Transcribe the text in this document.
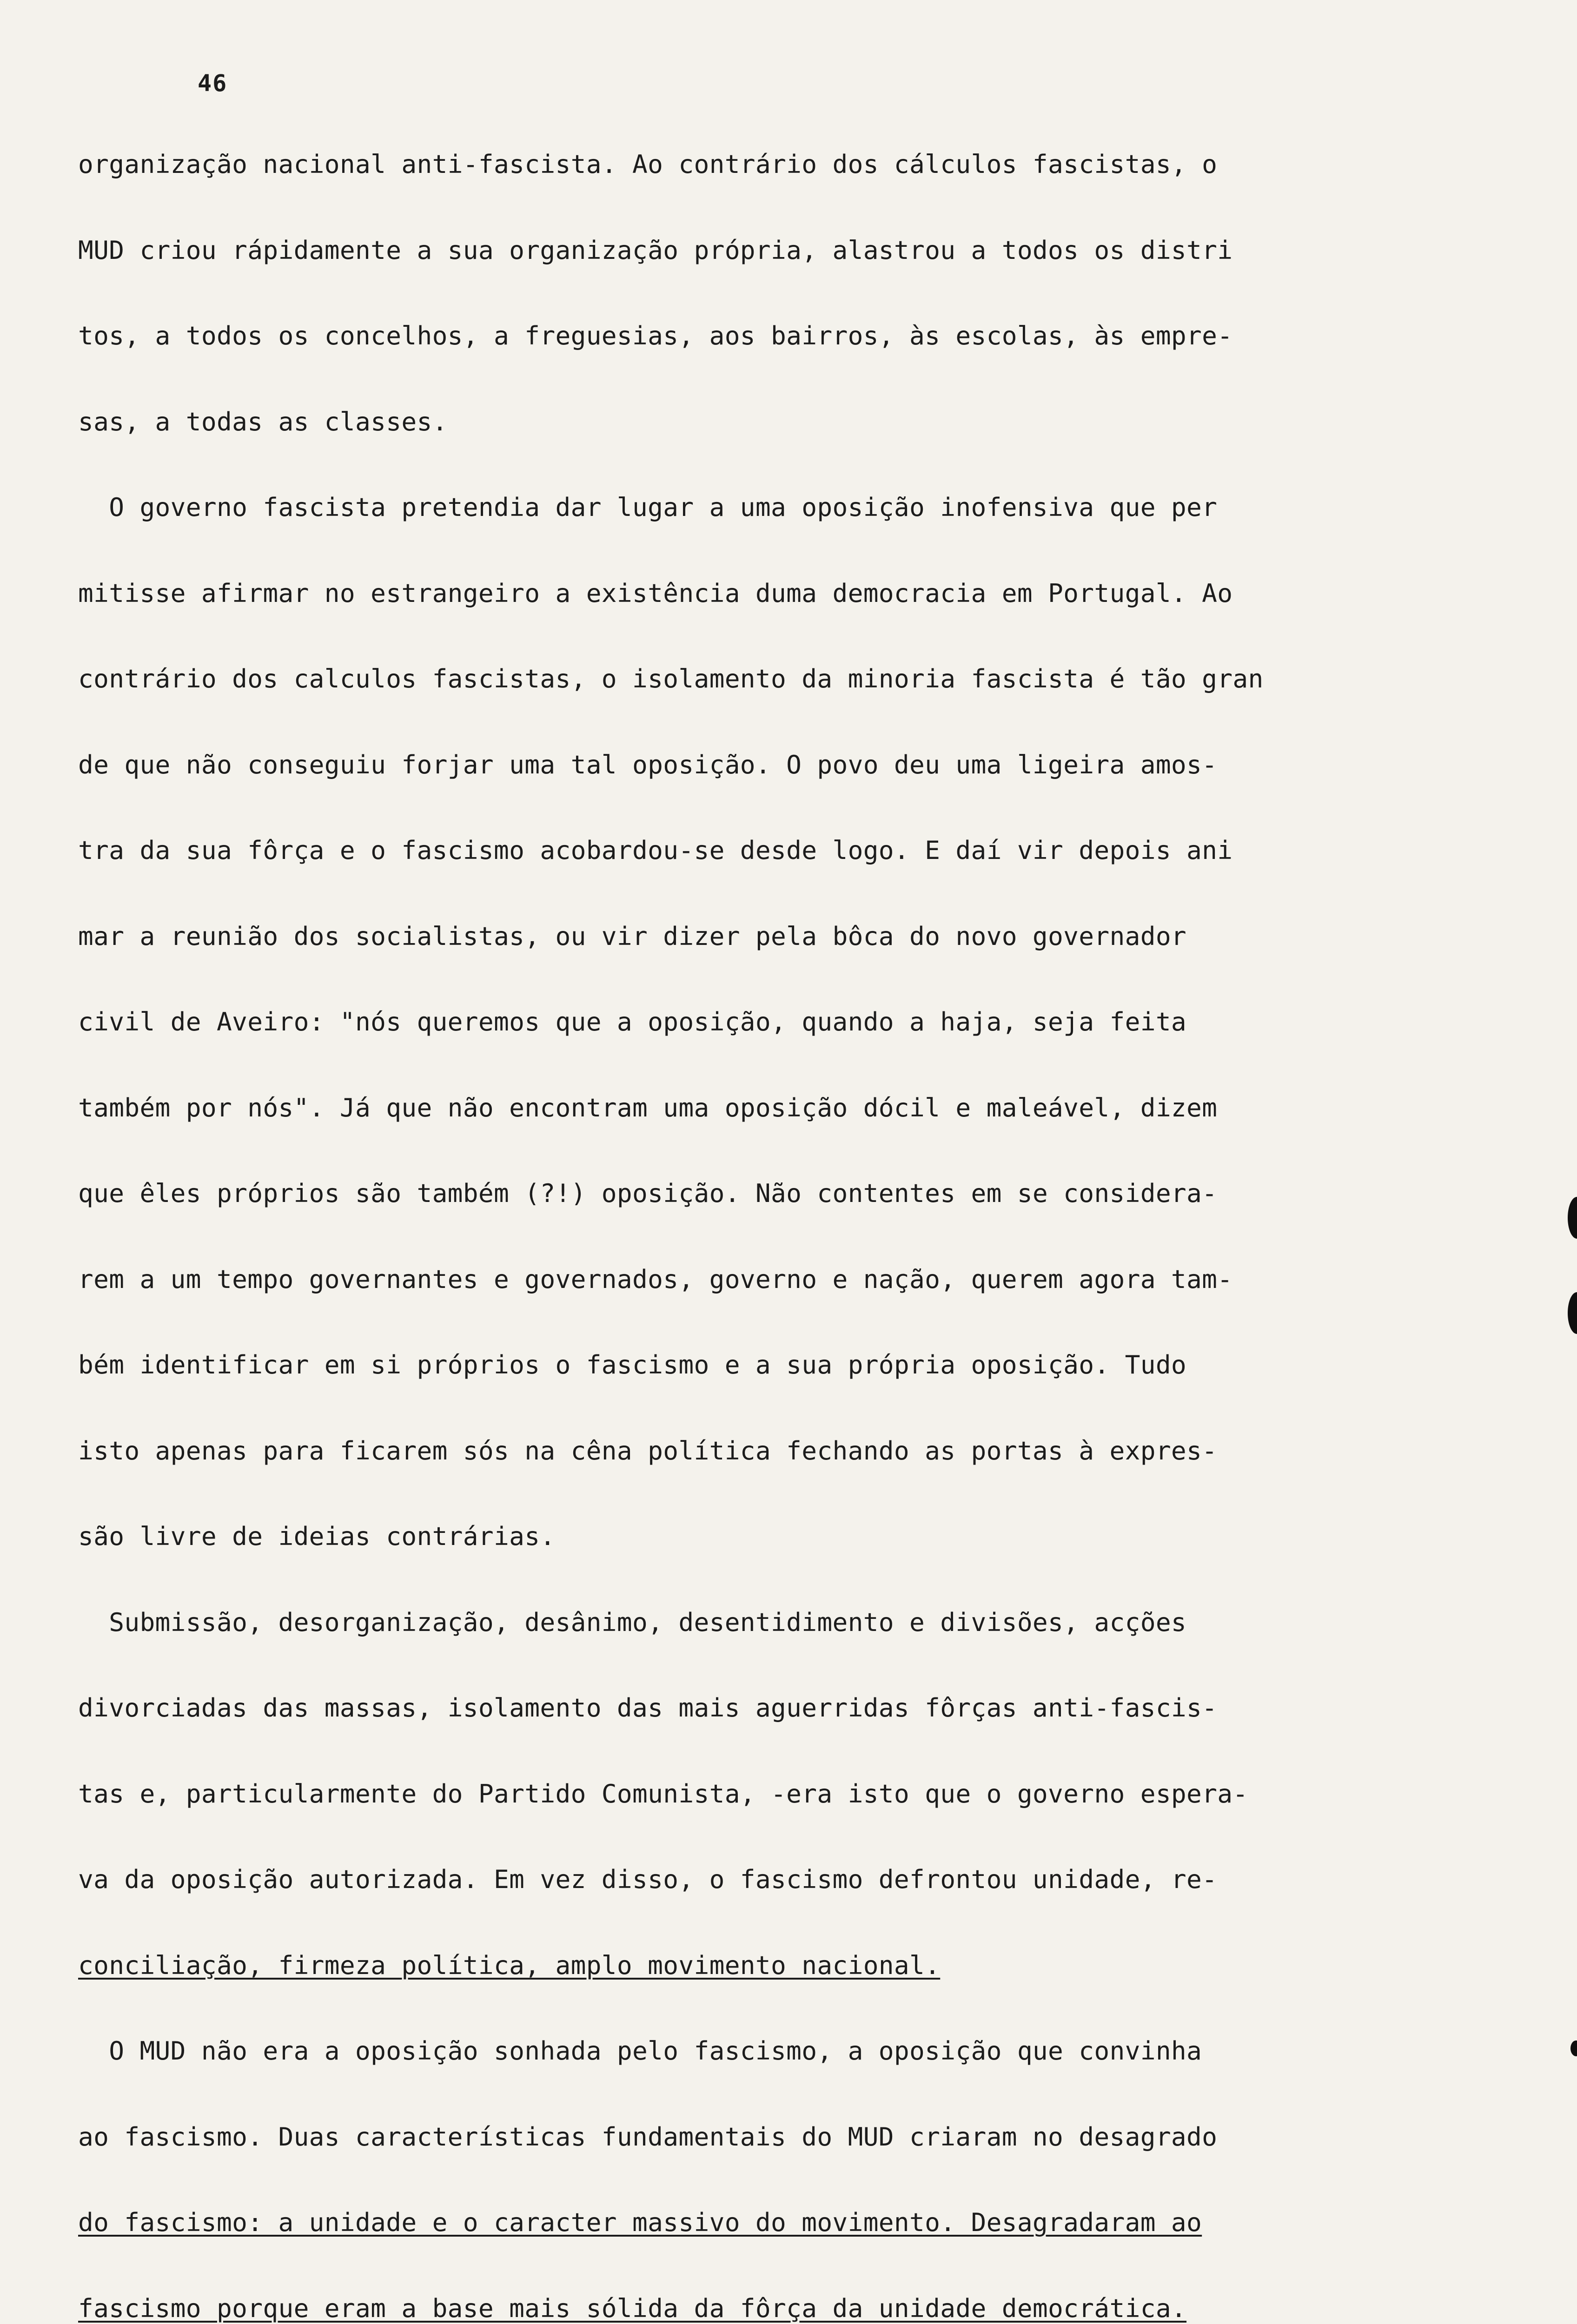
46

organização nacional anti-fascista. Ao contrário dos cálculos fascistas, o

MUD criou rápidamente a sua organização própria, alastrou a todos os distri

tos, a todos os concelhos, a freguesias, aos bairros, às escolas, às empre-

sas, a todas as classes.

O governo fascista pretendia dar lugar a uma oposição inofensiva que per

mitisse afirmar no estrangeiro a existência duma democracia em Portugal. Ao

contrário dos calculos fascistas, o isolamento da minoria fascista é tão gran

de que não conseguiu forjar uma tal oposição. O povo deu uma ligeira amos-

tra da sua fôrça e o fascismo acobardou-se desde logo. E daí vir depois ani

mar a reunião dos socialistas, ou vir dizer pela bôca do novo governador

civil de Aveiro: "nós queremos que a oposição, quando a haja, seja feita

também por nós". Já que não encontram uma oposição dócil e maleável, dizem

que êles próprios são também (?!) oposição. Não contentes em se considera-

rem a um tempo governantes e governados, governo e nação, querem agora tam-

bém identificar em si próprios o fascismo e a sua própria oposição. Tudo

isto apenas para ficarem sós na cêna política fechando as portas à expres-

são livre de ideias contrárias.

Submissão, desorganização, desânimo, desentidimento e divisões, acções

divorciadas das massas, isolamento das mais aguerridas fôrças anti-fascis-

tas e, particularmente do Partido Comunista, -era isto que o governo espera-

va da oposição autorizada. Em vez disso, o fascismo defrontou unidade, re-

conciliação, firmeza política, amplo movimento nacional.

O MUD não era a oposição sonhada pelo fascismo, a oposição que convinha

ao fascismo. Duas características fundamentais do MUD criaram no desagrado

do fascismo: a unidade e o caracter massivo do movimento. Desagradaram ao

fascismo porque eram a base mais sólida da fôrça da unidade democrática.
